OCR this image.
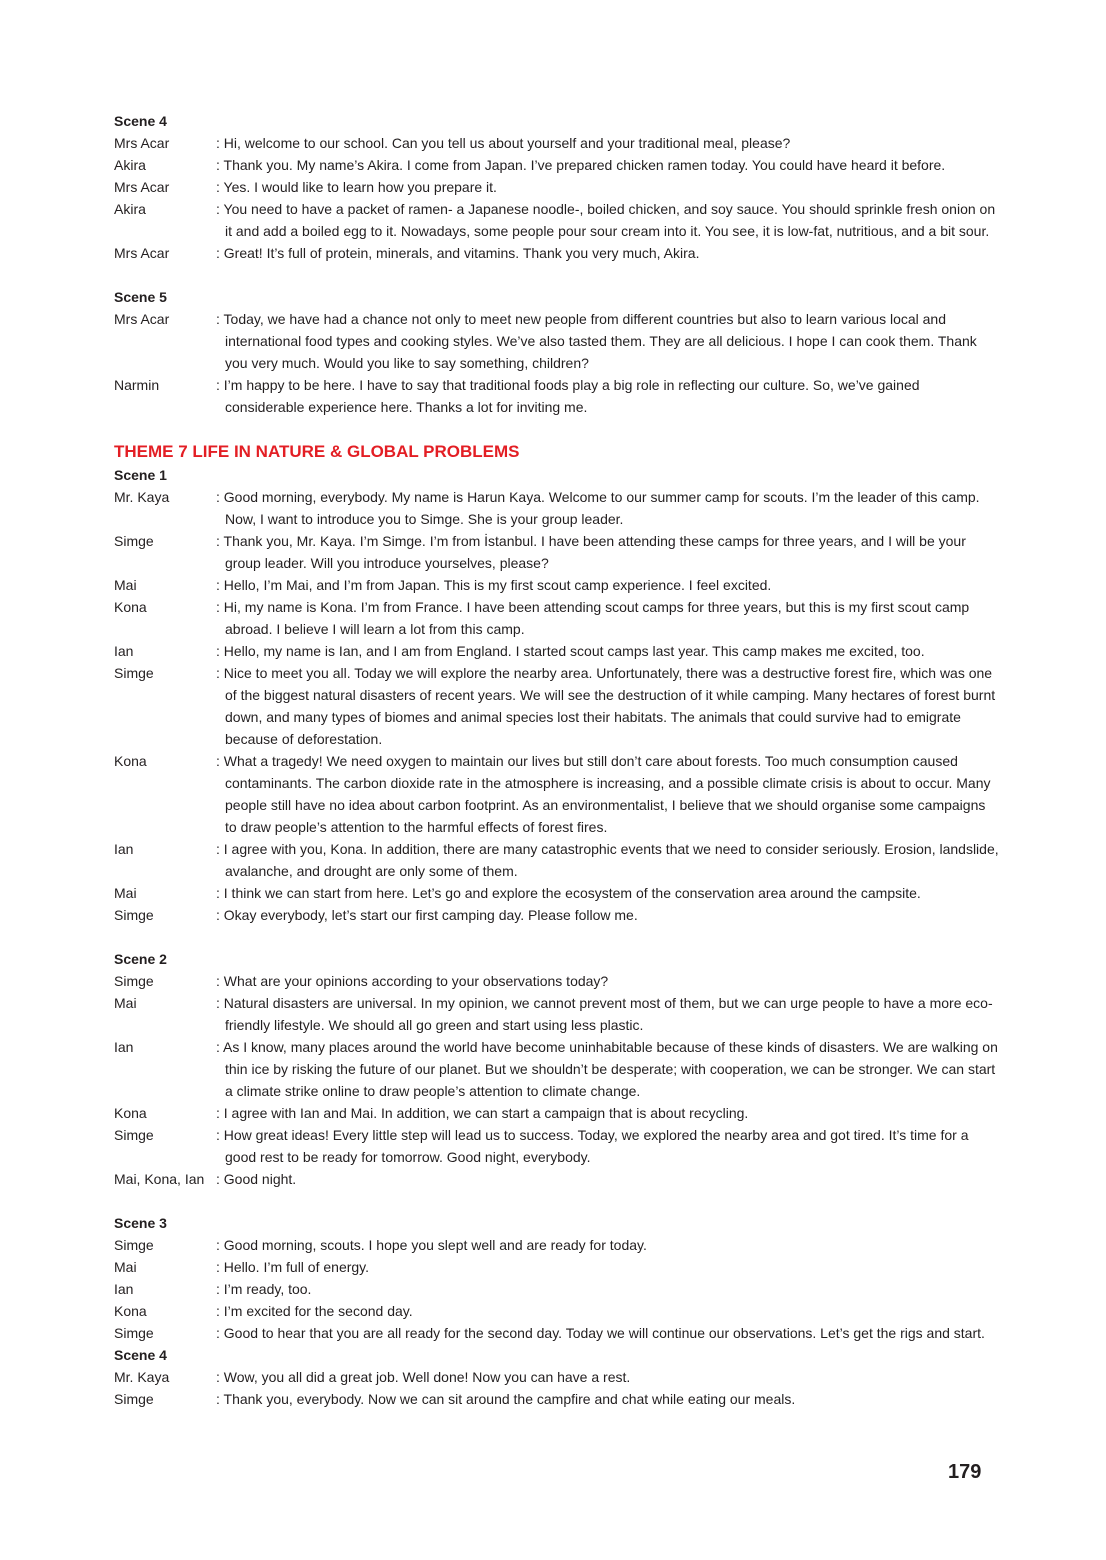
Scene 4
Mrs Acar	: Hi, welcome to our school. Can you tell us about yourself and your traditional meal, please?
Akira	: Thank you. My name’s Akira. I come from Japan. I’ve prepared chicken ramen today. You could have heard it before.
Mrs Acar	: Yes. I would like to learn how you prepare it.
Akira	: You need to have a packet of ramen- a Japanese noodle-, boiled chicken, and soy sauce. You should sprinkle fresh onion on it and add a boiled egg to it. Nowadays, some people pour sour cream into it. You see, it is low-fat, nutritious, and a bit sour.
Mrs Acar	: Great! It’s full of protein, minerals, and vitamins. Thank you very much, Akira.
Scene 5
Mrs Acar	: Today, we have had a chance not only to meet new people from different countries but also to learn various local and international food types and cooking styles. We’ve also tasted them. They are all delicious. I hope I can cook them. Thank you very much. Would you like to say something, children?
Narmin	: I’m happy to be here. I have to say that traditional foods play a big role in reflecting our culture. So, we’ve gained considerable experience here. Thanks a lot for inviting me.
THEME 7 LIFE IN NATURE & GLOBAL PROBLEMS
Scene 1
Mr. Kaya	: Good morning, everybody. My name is Harun Kaya. Welcome to our summer camp for scouts. I’m the leader of this camp. Now, I want to introduce you to Simge. She is your group leader.
Simge	: Thank you, Mr. Kaya. I’m Simge. I’m from İstanbul. I have been attending these camps for three years, and I will be your group leader. Will you introduce yourselves, please?
Mai	: Hello, I’m Mai, and I’m from Japan. This is my first scout camp experience. I feel excited.
Kona	: Hi, my name is Kona. I’m from France. I have been attending scout camps for three years, but this is my first scout camp abroad. I believe I will learn a lot from this camp.
Ian	: Hello, my name is Ian, and I am from England. I started scout camps last year. This camp makes me excited, too.
Simge	: Nice to meet you all. Today we will explore the nearby area. Unfortunately, there was a destructive forest fire, which was one of the biggest natural disasters of recent years. We will see the destruction of it while camping. Many hectares of forest burnt down, and many types of biomes and animal species lost their habitats. The animals that could survive had to emigrate because of deforestation.
Kona	: What a tragedy! We need oxygen to maintain our lives but still don’t care about forests. Too much consumption caused contaminants. The carbon dioxide rate in the atmosphere is increasing, and a possible climate crisis is about to occur. Many people still have no idea about carbon footprint. As an environmentalist, I believe that we should organise some campaigns to draw people’s attention to the harmful effects of forest fires.
Ian	: I agree with you, Kona. In addition, there are many catastrophic events that we need to consider seriously. Erosion, landslide, avalanche, and drought are only some of them.
Mai	: I think we can start from here. Let’s go and explore the ecosystem of the conservation area around the campsite.
Simge	: Okay everybody, let’s start our first camping day. Please follow me.
Scene 2
Simge	: What are your opinions according to your observations today?
Mai	: Natural disasters are universal. In my opinion, we cannot prevent most of them, but we can urge people to have a more eco-friendly lifestyle. We should all go green and start using less plastic.
Ian	: As I know, many places around the world have become uninhabitable because of these kinds of disasters. We are walking on thin ice by risking the future of our planet. But we shouldn’t be desperate; with cooperation, we can be stronger. We can start a climate strike online to draw people’s attention to climate change.
Kona	: I agree with Ian and Mai. In addition, we can start a campaign that is about recycling.
Simge	: How great ideas! Every little step will lead us to success. Today, we explored the nearby area and got tired. It’s time for a good rest to be ready for tomorrow. Good night, everybody.
Mai, Kona, Ian : Good night.
Scene 3
Simge	: Good morning, scouts. I hope you slept well and are ready for today.
Mai	: Hello. I’m full of energy.
Ian	: I’m ready, too.
Kona	: I’m excited for the second day.
Simge	: Good to hear that you are all ready for the second day. Today we will continue our observations. Let’s get the rigs and start.
Scene 4
Mr. Kaya	: Wow, you all did a great job. Well done! Now you can have a rest.
Simge	: Thank you, everybody. Now we can sit around the campfire and chat while eating our meals.
179
